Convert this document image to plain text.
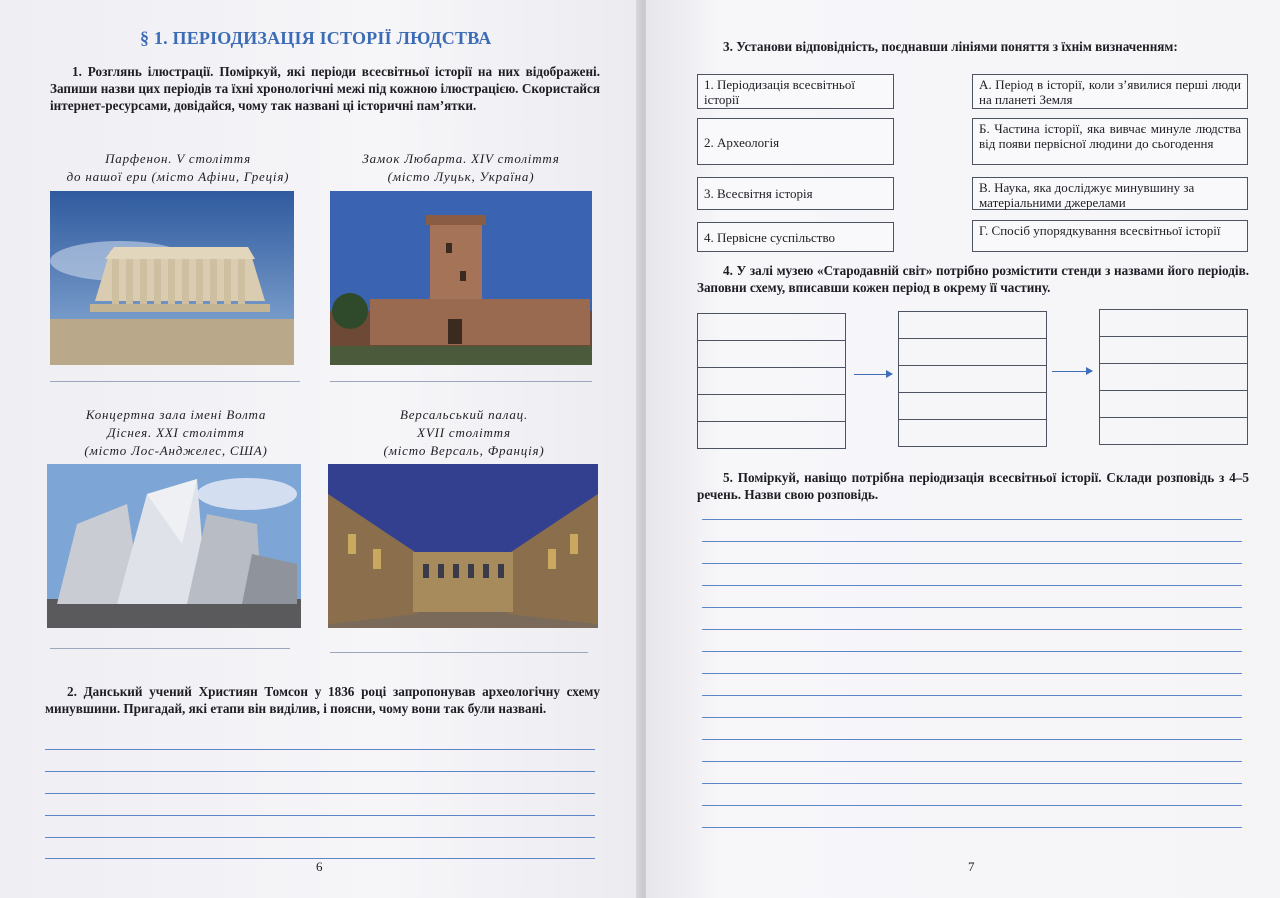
§ 1. ПЕРІОДИЗАЦІЯ ІСТОРІЇ ЛЮДСТВА
1. Розглянь ілюстрації. Поміркуй, які періоди всесвітньої історії на них відображені. Запиши назви цих періодів та їхні хронологічні межі під кожною ілюстрацією. Скористайся інтернет-ресурсами, довідайся, чому так названі ці історичні пам’ятки.
Парфенон. V століття
до нашої ери (місто Афіни, Греція)
Замок Любарта. XIV століття
(місто Луцьк, Україна)
Концертна зала імені Волта
Діснея. XXI століття
(місто Лос-Анджелес, США)
Версальський палац.
XVII століття
(місто Версаль, Франція)
2. Данський учений Християн Томсон у 1836 році запропонував археологічну схему минувшини. Пригадай, які етапи він виділив, і поясни, чому вони так були названі.
6
3. Установи відповідність, поєднавши лініями поняття з їхнім визначенням:
1. Періодизація всесвітньої історії
2. Археологія
3. Всесвітня історія
4. Первісне суспільство
А. Період в історії, коли з’явилися перші люди на планеті Земля
Б. Частина історії, яка вивчає минуле людства від появи первісної людини до сьогодення
В. Наука, яка досліджує минувшину за матеріальними джерелами
Г. Спосіб упорядкування всесвітньої історії
4. У залі музею «Стародавній світ» потрібно розмістити стенди з назвами його періодів. Заповни схему, вписавши кожен період в окрему її частину.
5. Поміркуй, навіщо потрібна періодизація всесвітньої історії. Склади розповідь з 4–5 речень. Назви свою розповідь.
7
